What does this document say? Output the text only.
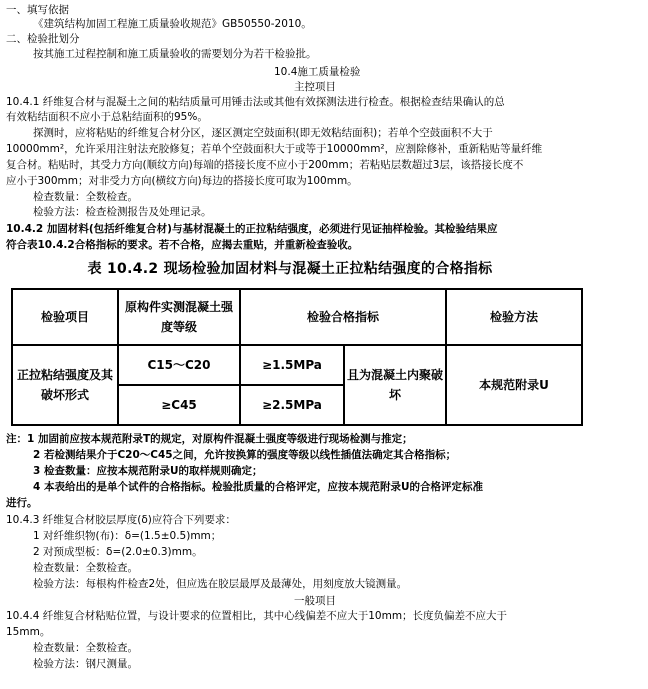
一、填写依据
《建筑结构加固工程施工质量验收规范》GB50550-2010。
二、检验批划分
按其施工过程控制和施工质量验收的需要划分为若干检验批。
10.4施工质量检验
主控项目
10.4.1 纤维复合材与混凝土之间的粘结质量可用锤击法或其他有效探测法进行检查。根据检查结果确认的总
有效粘结面积不应小于总粘结面积的95%。
探测时，应将粘贴的纤维复合材分区，逐区测定空鼓面积(即无效粘结面积)；若单个空鼓面积不大于
10000mm²，允许采用注射法充胶修复；若单个空鼓面积大于或等于10000mm²，应割除修补，重新粘贴等量纤维
复合材。粘贴时，其受力方向(顺纹方向)每端的搭接长度不应小于200mm；若粘贴层数超过3层，该搭接长度不
应小于300mm；对非受力方向(横纹方向)每边的搭接长度可取为100mm。
检查数量：全数检查。
检验方法：检查检测报告及处理记录。
10.4.2 加固材料(包括纤维复合材)与基材混凝土的正拉粘结强度，必须进行见证抽样检验。其检验结果应
符合表10.4.2合格指标的要求。若不合格，应揭去重贴，并重新检查验收。
表 10.4.2 现场检验加固材料与混凝土正拉粘结强度的合格指标
检验项目	原构件实测混凝土强度等级	检验合格指标		检验方法
正拉粘结强度及其破坏形式	C15～C20	≥1.5MPa	且为混凝土内聚破坏	本规范附录U
	≥C45	≥2.5MPa		
注：1 加固前应按本规范附录T的规定，对原构件混凝土强度等级进行现场检测与推定；
2 若检测结果介于C20～C45之间，允许按换算的强度等级以线性插值法确定其合格指标；
3 检查数量：应按本规范附录U的取样规则确定；
4 本表给出的是单个试件的合格指标。检验批质量的合格评定，应按本规范附录U的合格评定标准
进行。
10.4.3 纤维复合材胶层厚度(δ)应符合下列要求：
1 对纤维织物(布)：δ=(1.5±0.5)mm；
2 对预成型板：δ=(2.0±0.3)mm。
检查数量：全数检查。
检验方法：每根构件检查2处，但应选在胶层最厚及最薄处，用刻度放大镜测量。
一般项目
10.4.4 纤维复合材粘贴位置，与设计要求的位置相比，其中心线偏差不应大于10mm；长度负偏差不应大于
15mm。
检查数量：全数检查。
检验方法：钢尺测量。
